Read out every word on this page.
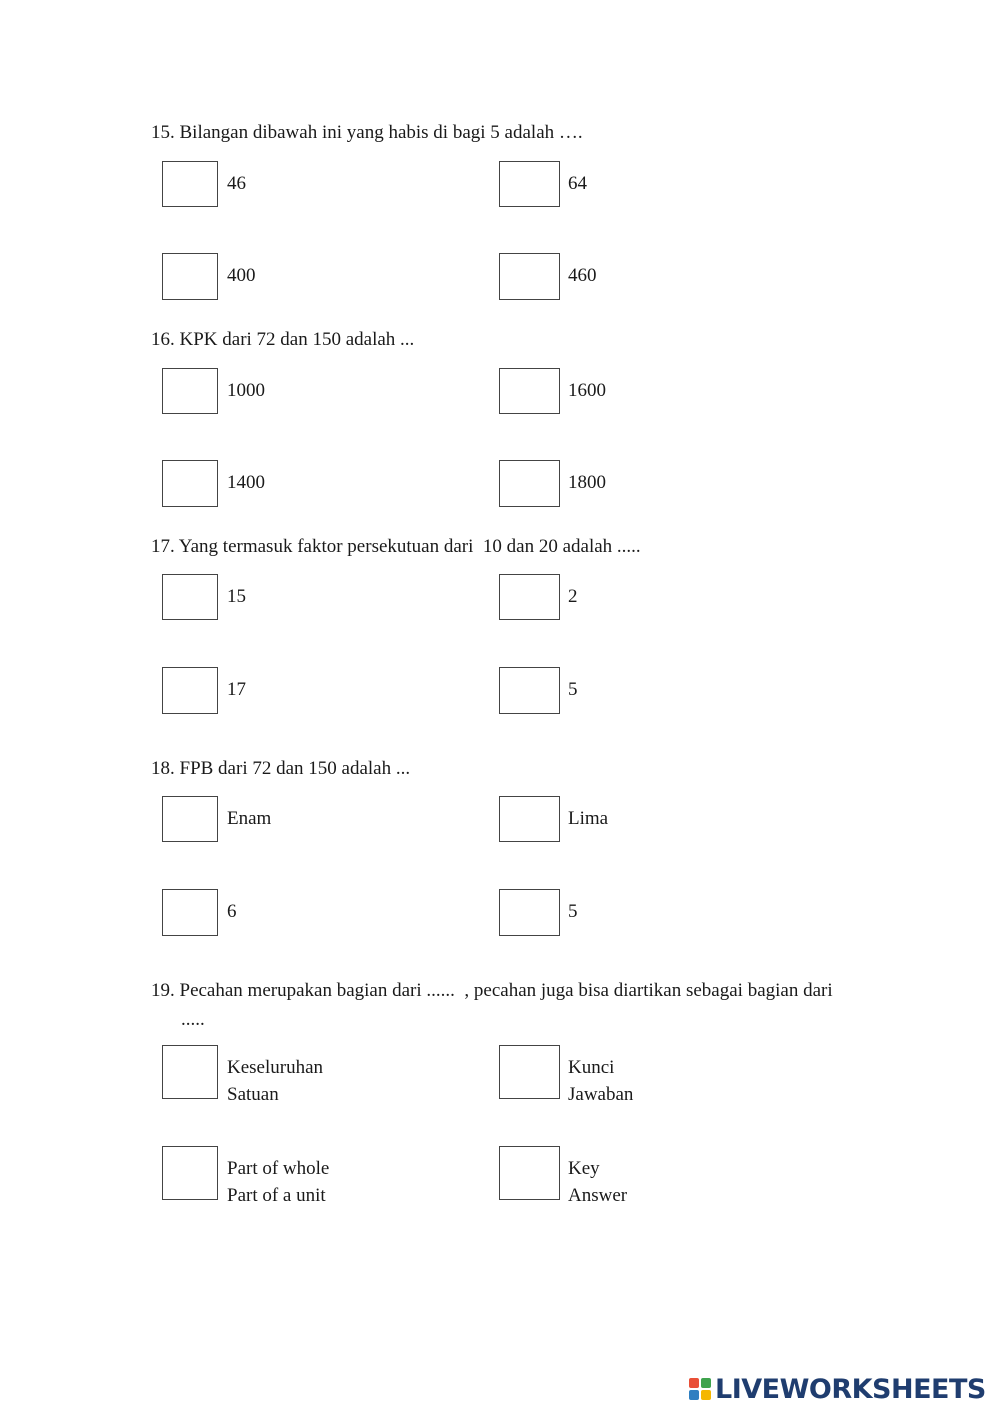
15. Bilangan dibawah ini yang habis di bagi 5 adalah ….
46	64
400	460
16. KPK dari 72 dan 150 adalah ...
1000	1600
1400	1800
17. Yang termasuk faktor persekutuan dari  10 dan 20 adalah .....
15	2
17	5
18. FPB dari 72 dan 150 adalah ...
Enam	Lima
6	5
19. Pecahan merupakan bagian dari ......  , pecahan juga bisa diartikan sebagai bagian dari
.....
Keseluruhan
Satuan
Kunci
Jawaban
Part of whole
Part of a unit
Key
Answer
LIVEWORKSHEETS
